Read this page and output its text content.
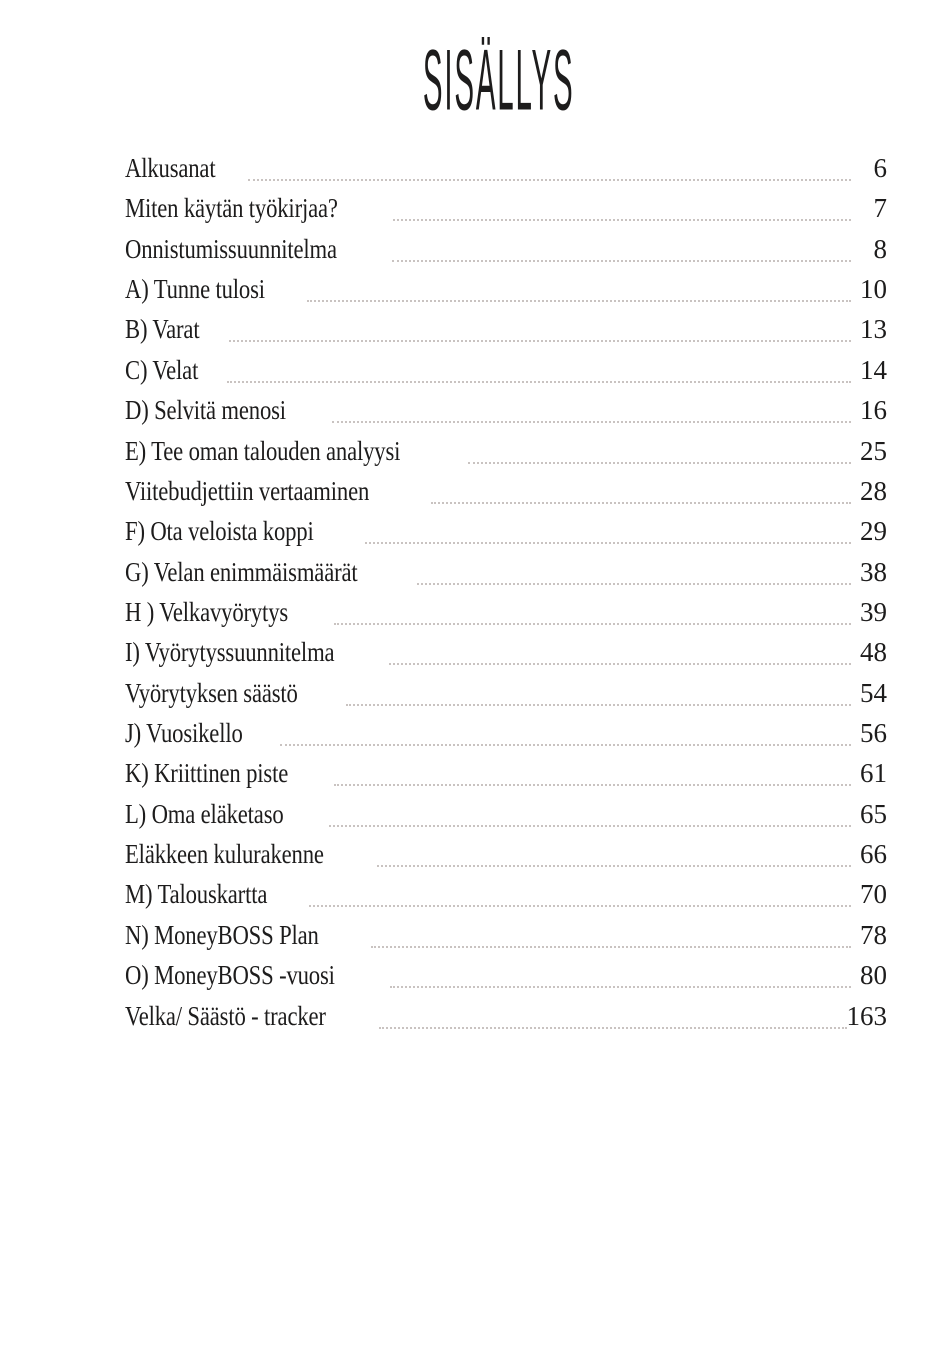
SISÄLLYS
Alkusanat	6
Miten käytän työkirjaa?	7
Onnistumissuunnitelma	8
A) Tunne tulosi	10
B) Varat	13
C) Velat	14
D) Selvitä menosi	16
E) Tee oman talouden analyysi	25
Viitebudjettiin vertaaminen	28
F) Ota veloista koppi	29
G) Velan enimmäismäärät	38
H ) Velkavyörytys	39
I) Vyörytyssuunnitelma	48
Vyörytyksen säästö	54
J) Vuosikello	56
K) Kriittinen piste	61
L) Oma eläketaso	65
Eläkkeen kulurakenne	66
M) Talouskartta	70
N) MoneyBOSS Plan	78
O) MoneyBOSS -vuosi	80
Velka/ Säästö - tracker	163
